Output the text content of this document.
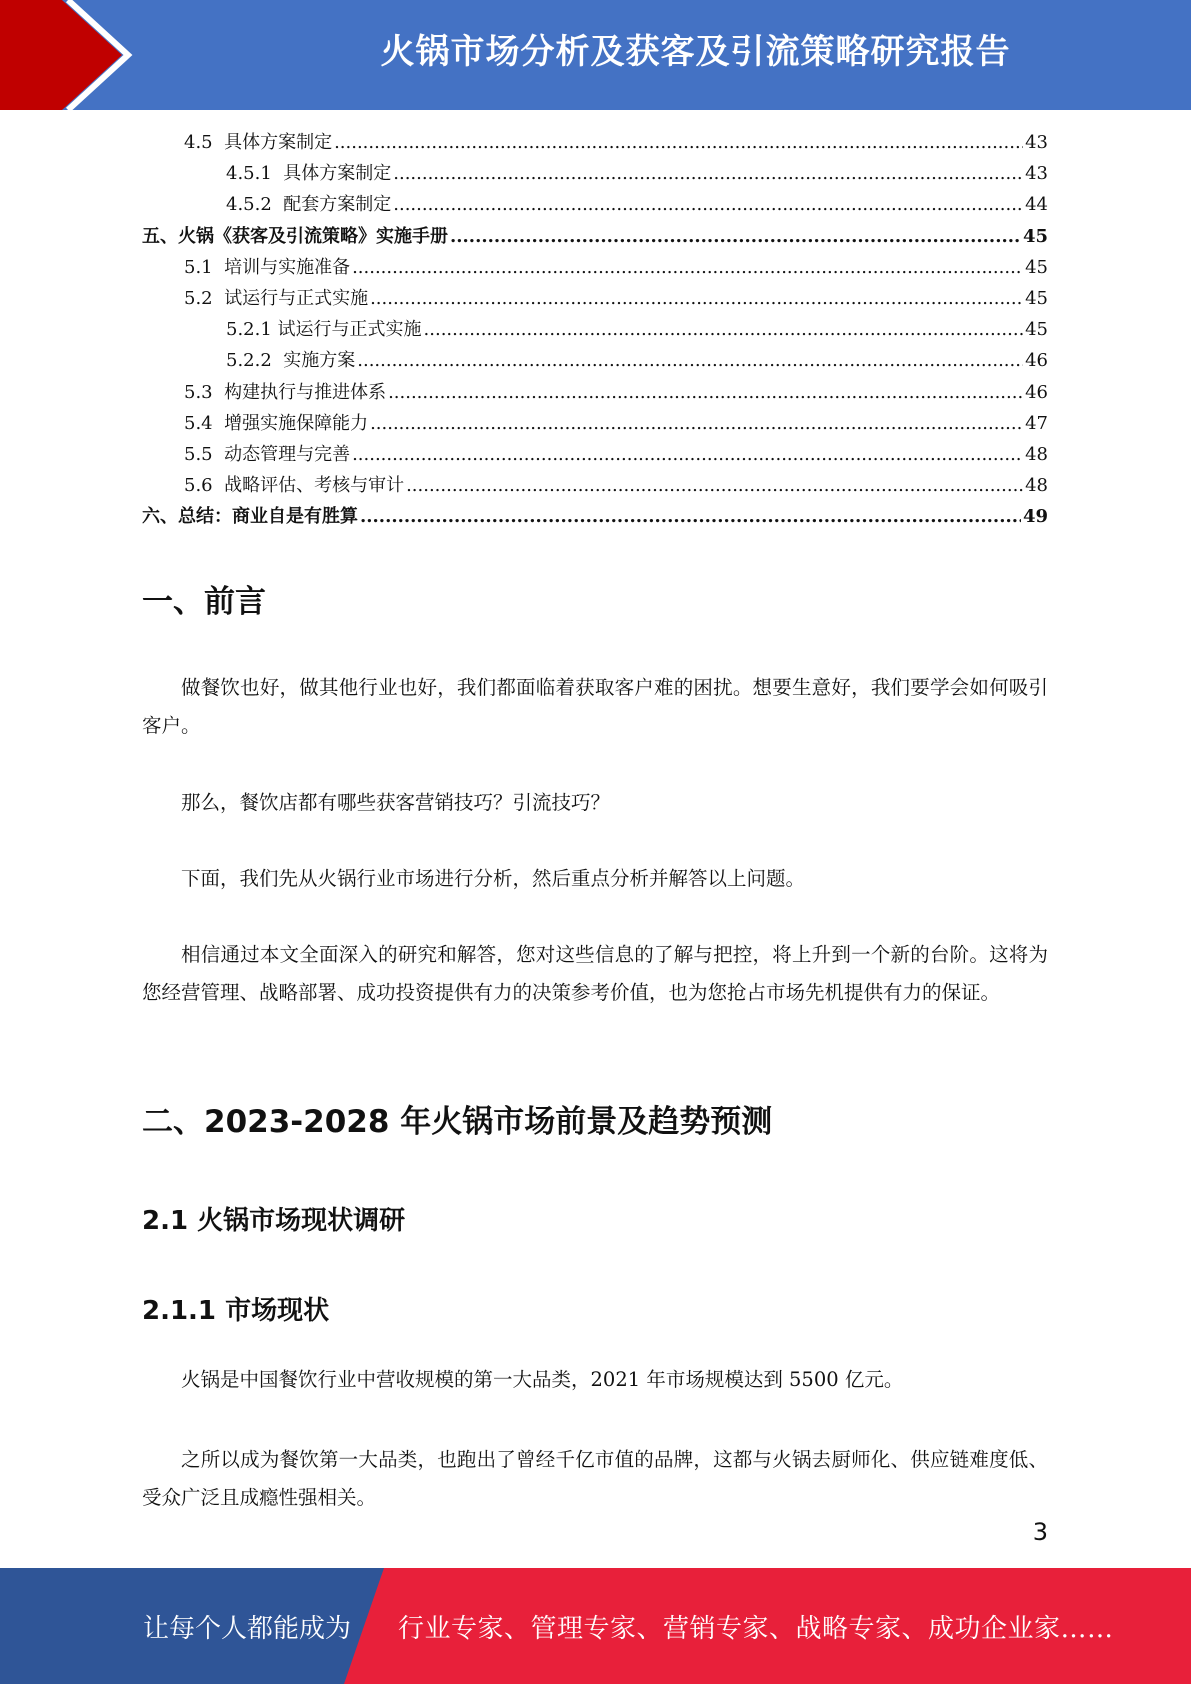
火锅市场分析及获客及引流策略研究报告
4.5  具体方案制定 .....	43
4.5.1  具体方案制定 .....	43
4.5.2  配套方案制定 .....	44
五、火锅《获客及引流策略》实施手册 .....	45
5.1  培训与实施准备 .....	45
5.2  试运行与正式实施 .....	45
5.2.1 试运行与正式实施 .....	45
5.2.2  实施方案 .....	46
5.3  构建执行与推进体系 .....	46
5.4  增强实施保障能力 .....	47
5.5  动态管理与完善 .....	48
5.6  战略评估、考核与审计 .....	48
六、总结：商业自是有胜算 .....	49
一、前言

做餐饮也好，做其他行业也好，我们都面临着获取客户难的困扰。想要生意好，我们要学会如何吸引客户。

那么，餐饮店都有哪些获客营销技巧？引流技巧？

下面，我们先从火锅行业市场进行分析，然后重点分析并解答以上问题。

相信通过本文全面深入的研究和解答，您对这些信息的了解与把控，将上升到一个新的台阶。这将为您经营管理、战略部署、成功投资提供有力的决策参考价值，也为您抢占市场先机提供有力的保证。

二、2023-2028 年火锅市场前景及趋势预测
2.1 火锅市场现状调研
2.1.1 市场现状

火锅是中国餐饮行业中营收规模的第一大品类，2021 年市场规模达到 5500 亿元。

之所以成为餐饮第一大品类，也跑出了曾经千亿市值的品牌，这都与火锅去厨师化、供应链难度低、受众广泛且成瘾性强相关。

3
让每个人都能成为 行业专家、管理专家、营销专家、战略专家、成功企业家……
